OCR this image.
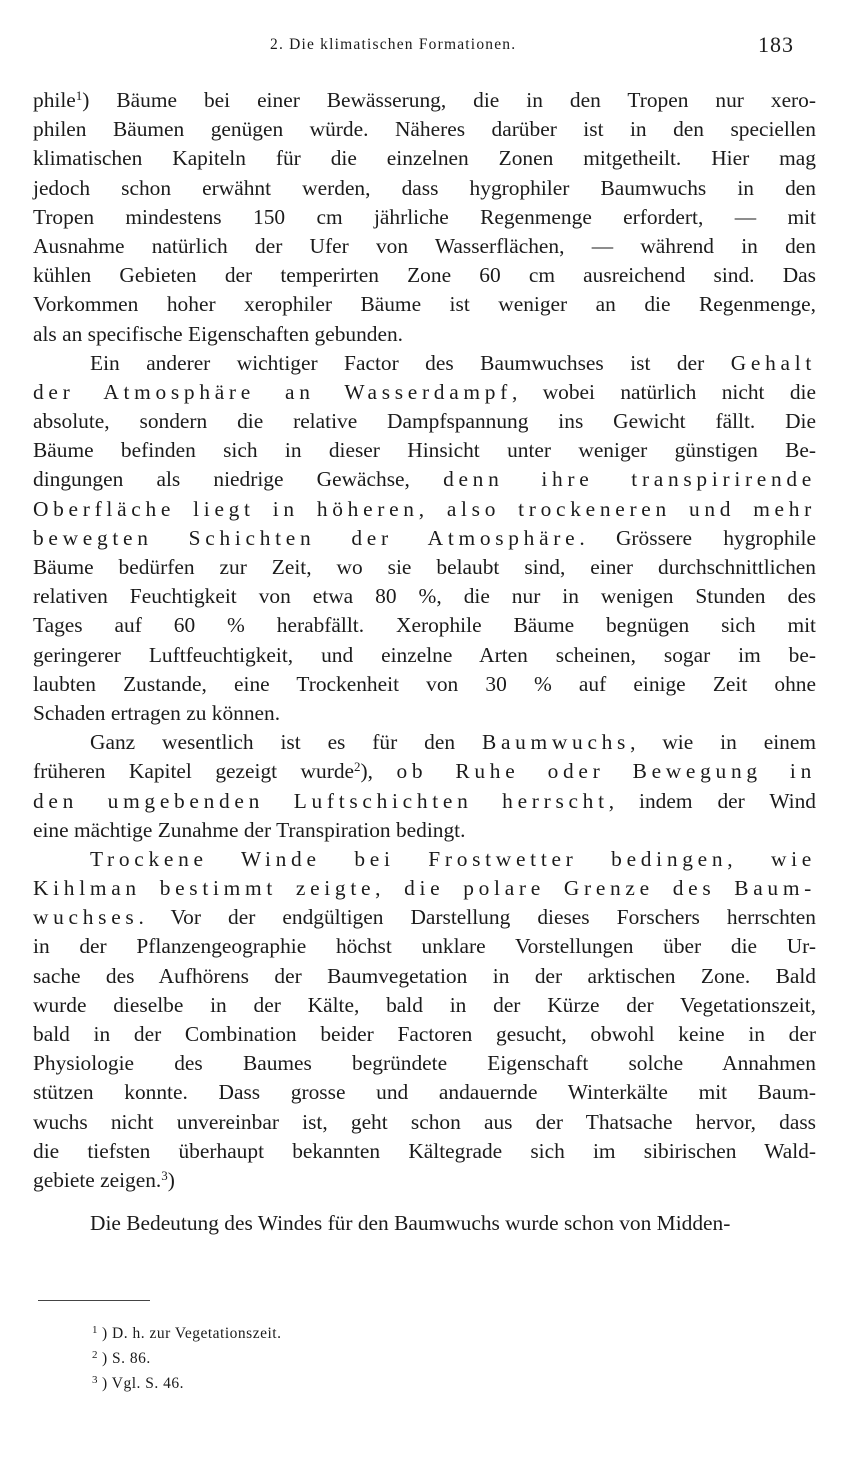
2. Die klimatischen Formationen.	183
phile$^1$) Bäume bei einer Bewässerung, die in den Tropen nur xero-
philen Bäumen genügen würde. Näheres darüber ist in den speciellen
klimatischen Kapiteln für die einzelnen Zonen mitgetheilt. Hier mag
jedoch schon erwähnt werden, dass hygrophiler Baumwuchs in den
Tropen mindestens 150 cm jährliche Regenmenge erfordert, — mit
Ausnahme natürlich der Ufer von Wasserflächen, — während in den
kühlen Gebieten der temperirten Zone 60 cm ausreichend sind. Das
Vorkommen hoher xerophiler Bäume ist weniger an die Regenmenge,
als an specifische Eigenschaften gebunden.
Ein anderer wichtiger Factor des Baumwuchses ist der Gehalt
der Atmosphäre an Wasserdampf, wobei natürlich nicht die
absolute, sondern die relative Dampfspannung ins Gewicht fällt. Die
Bäume befinden sich in dieser Hinsicht unter weniger günstigen Be-
dingungen als niedrige Gewächse, denn ihre transpirirende
Oberfläche liegt in höheren, also trockeneren und mehr
bewegten Schichten der Atmosphäre. Grössere hygrophile
Bäume bedürfen zur Zeit, wo sie belaubt sind, einer durchschnittlichen
relativen Feuchtigkeit von etwa 80 %, die nur in wenigen Stunden des
Tages auf 60 % herabfällt. Xerophile Bäume begnügen sich mit
geringerer Luftfeuchtigkeit, und einzelne Arten scheinen, sogar im be-
laubten Zustande, eine Trockenheit von 30 % auf einige Zeit ohne
Schaden ertragen zu können.
Ganz wesentlich ist es für den Baumwuchs, wie in einem
früheren Kapitel gezeigt wurde$^2$), ob Ruhe oder Bewegung in
den umgebenden Luftschichten herrscht, indem der Wind
eine mächtige Zunahme der Transpiration bedingt.
Trockene Winde bei Frostwetter bedingen, wie
Kihlman bestimmt zeigte, die polare Grenze des Baum-
wuchses. Vor der endgültigen Darstellung dieses Forschers herrschten
in der Pflanzengeographie höchst unklare Vorstellungen über die Ur-
sache des Aufhörens der Baumvegetation in der arktischen Zone. Bald
wurde dieselbe in der Kälte, bald in der Kürze der Vegetationszeit,
bald in der Combination beider Factoren gesucht, obwohl keine in der
Physiologie des Baumes begründete Eigenschaft solche Annahmen
stützen konnte. Dass grosse und andauernde Winterkälte mit Baum-
wuchs nicht unvereinbar ist, geht schon aus der Thatsache hervor, dass
die tiefsten überhaupt bekannten Kältegrade sich im sibirischen Wald-
gebiete zeigen.$^3$)
Die Bedeutung des Windes für den Baumwuchs wurde schon von Midden-
$^1$ ) D. h. zur Vegetationszeit.
$^2$ ) S. 86.
$^3$ ) Vgl. S. 46.
